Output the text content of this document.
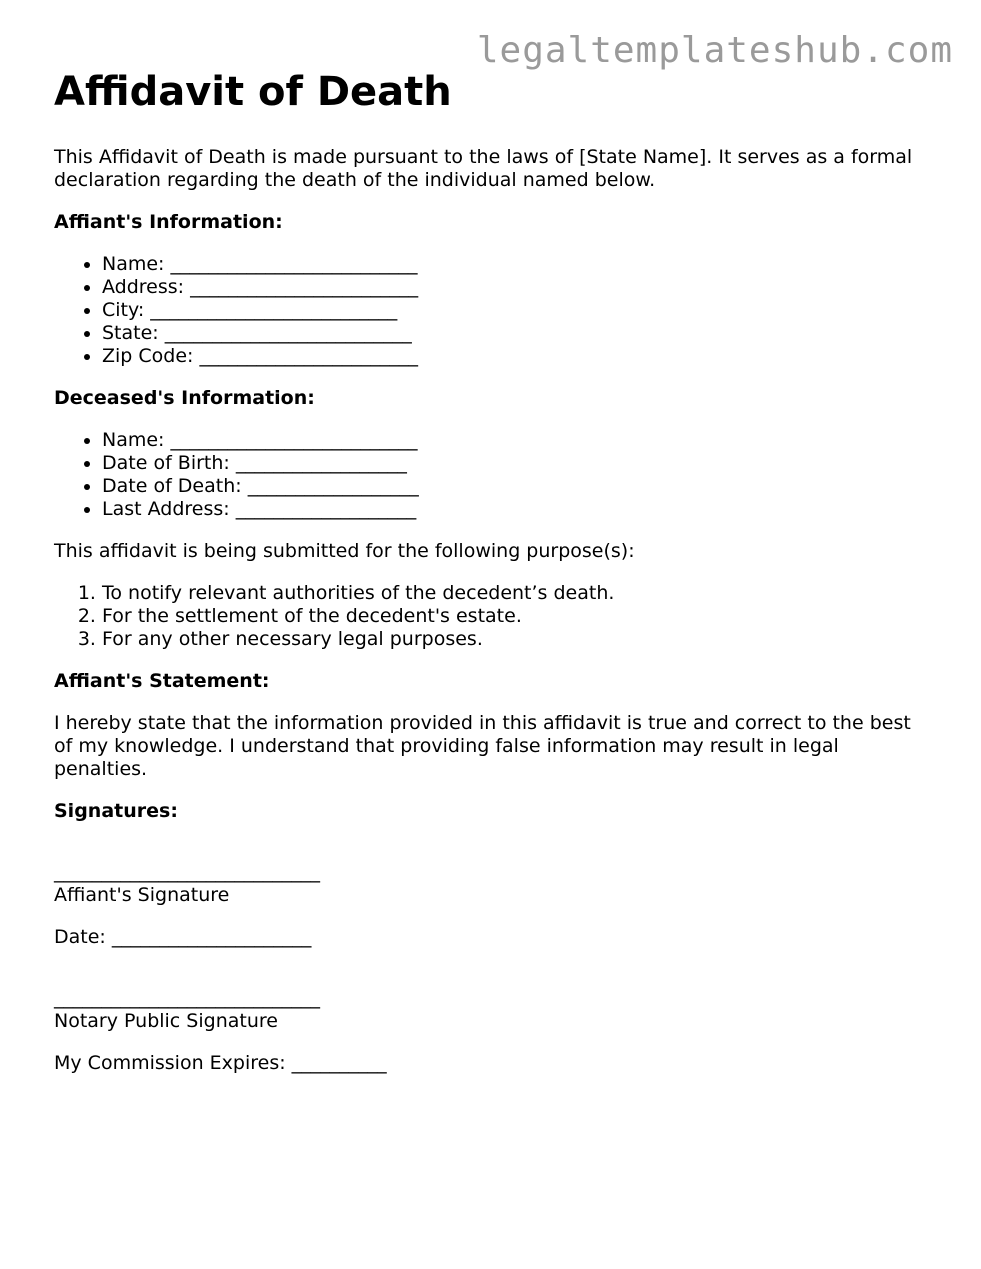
legaltemplateshub.com
Affidavit of Death

This Affidavit of Death is made pursuant to the laws of [State Name]. It serves as a formal declaration regarding the death of the individual named below.

Affiant's Information:
• Name: __________________________
• Address: ________________________
• City: __________________________
• State: __________________________
• Zip Code: _______________________
Deceased's Information:
• Name: __________________________
• Date of Birth: __________________
• Date of Death: __________________
• Last Address: ___________________

This affidavit is being submitted for the following purpose(s):

1. To notify relevant authorities of the decedent’s death.
2. For the settlement of the decedent's estate.
3. For any other necessary legal purposes.
Affiant's Statement:

I hereby state that the information provided in this affidavit is true and correct to the best of my knowledge. I understand that providing false information may result in legal penalties.

Signatures:
____________________________
Affiant's Signature
Date: _____________________
____________________________
Notary Public Signature
My Commission Expires: __________
